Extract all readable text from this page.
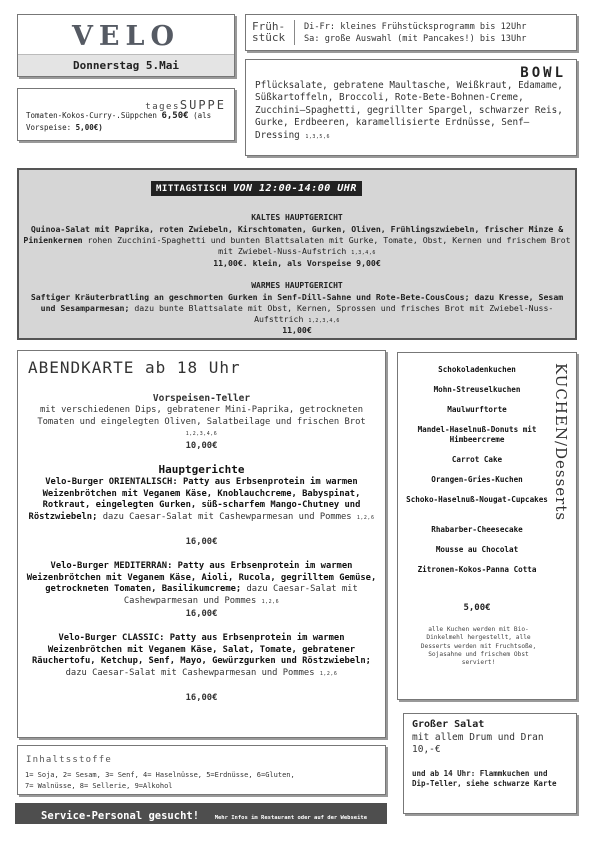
VELO
Donnerstag 5.Mai
tagesSUPPE
Tomaten-Kokos-Curry-.Süppchen 6,50€ (als
Vorspeise: 5,00€)
Früh-
stück
Di-Fr: kleines Frühstücksprogramm bis 12Uhr
Sa: große Auswahl (mit Pancakes!) bis 13Uhr
BOWL
Pflücksalate, gebratene Maultasche, Weißkraut, Edamame, Süßkartoffeln, Broccoli, Rote-Bete-Bohnen-Creme, Zucchini–Spaghetti, gegrillter Spargel, schwarzer Reis, Gurke, Erdbeeren, karamellisierte Erdnüsse, Senf—Dressing 1,3,5,6
MITTAGSTISCH VON 12:00-14:00 UHR
KALTES HAUPTGERICHT
Quinoa-Salat mit Paprika, roten Zwiebeln, Kirschtomaten, Gurken, Oliven, Frühlingszwiebeln, frischer Minze & Pinienkernen rohen Zucchini-Spaghetti und bunten Blattsalaten mit Gurke, Tomate, Obst, Kernen und frischem Brot mit Zwiebel-Nuss-Aufstrich 1,3,4,6
11,00€. klein, als Vorspeise 9,00€
WARMES HAUPTGERICHT
Saftiger Kräuterbratling an geschmorten Gurken in Senf-Dill-Sahne und Rote-Bete-CousCous; dazu Kresse, Sesam und Sesamparmesan; dazu bunte Blattsalate mit Obst, Kernen, Sprossen und frisches Brot mit Zwiebel-Nuss-Aufsttrich 1,2,3,4,6
11,00€
ABENDKARTE ab 18 Uhr
Vorspeisen-Teller
mit verschiedenen Dips, gebratener Mini-Paprika, getrockneten Tomaten und eingelegten Oliven, Salatbeilage und frischen Brot 1,2,3,4,6
10,00€
Hauptgerichte
Velo-Burger ORIENTALISCH: Patty aus Erbsenprotein im warmen Weizenbrötchen mit Veganem Käse, Knoblauchcreme, Babyspinat, Rotkraut, eingelegten Gurken, süß-scharfem Mango-Chutney und Röstzwiebeln; dazu Caesar-Salat mit Cashewparmesan und Pommes 1,2,6
16,00€
Velo-Burger MEDITERRAN: Patty aus Erbsenprotein im warmen Weizenbrötchen mit Veganem Käse, Aioli, Rucola, gegrilltem Gemüse, getrockneten Tomaten, Basilikumcreme; dazu Caesar-Salat mit Cashewparmesan und Pommes 1,2,6
16,00€
Velo-Burger CLASSIC: Patty aus Erbsenprotein im warmen Weizenbrötchen mit Veganem Käse, Salat, Tomate, gebratener Räuchertofu, Ketchup, Senf, Mayo, Gewürzgurken und Röstzwiebeln; dazu Caesar-Salat mit Cashewparmesan und Pommes 1,2,6
16,00€
KUCHEN/Desserts
Schokoladenkuchen
Mohn-Streuselkuchen
Maulwurftorte
Mandel-Haselnuß-Donuts mit Himbeercreme
Carrot Cake
Orangen-Gries-Kuchen
Schoko-Haselnuß-Nougat-Cupcakes
Rhabarber-Cheesecake
Mousse au Chocolat
Zitronen-Kokos-Panna Cotta
5,00€
alle Kuchen werden mit Bio-Dinkelmehl hergestellt, alle Desserts werden mit Fruchtsoße, Sojasahne und frischem Obst serviert!
Großer Salat
mit allem Drum und Dran 10,-€
und ab 14 Uhr: Flammkuchen und Dip-Teller, siehe schwarze Karte
Inhaltsstoffe
1= Soja, 2= Sesam, 3= Senf, 4= Haselnüsse, 5=Erdnüsse, 6=Gluten,
7= Walnüsse, 8= Sellerie, 9=Alkohol
Service-Personal gesucht!	Mehr Infos im Restaurant oder auf der Webseite
